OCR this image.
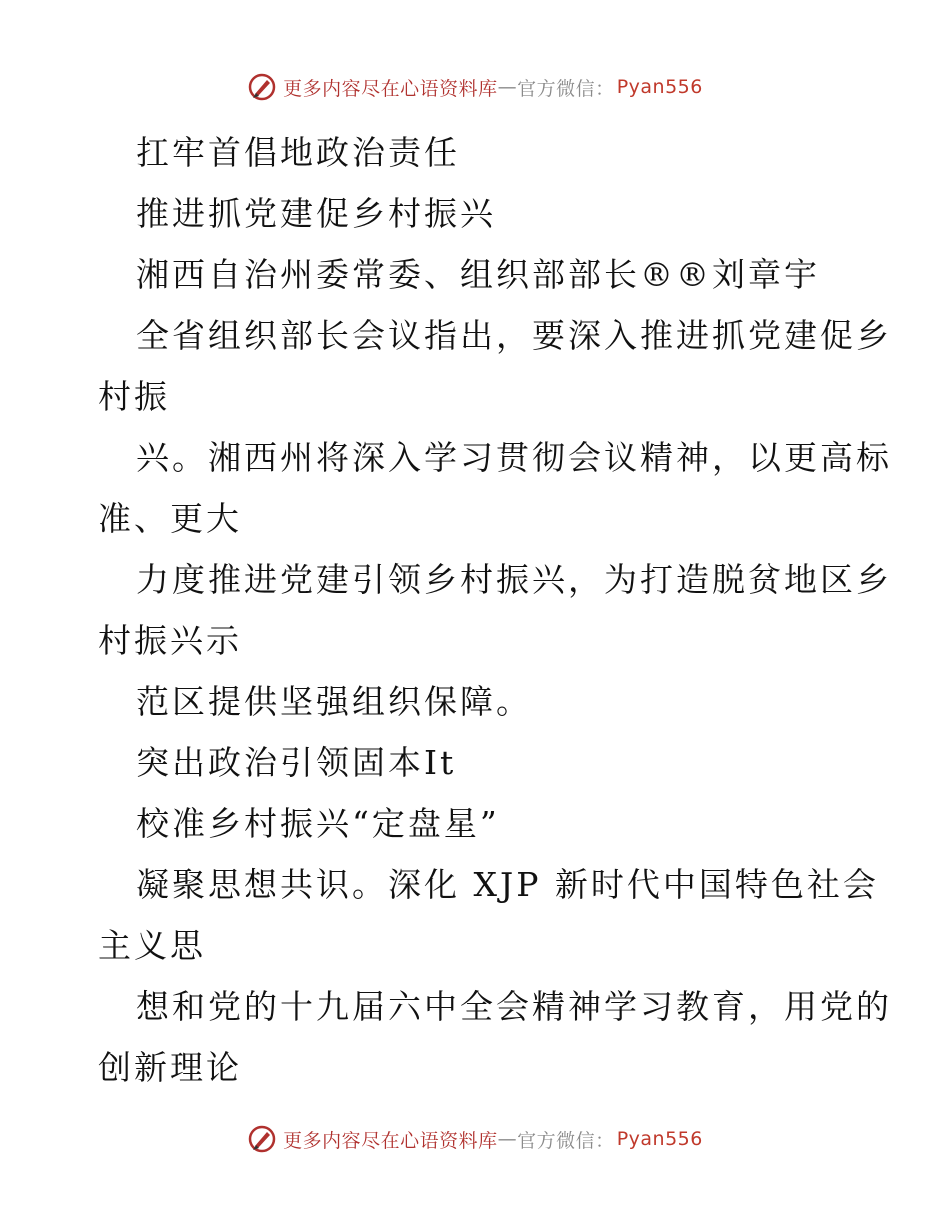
更多内容尽在心语资料库 — 官方微信： Pyan556

扛牢首倡地政治责任

推进抓党建促乡村振兴

湘西自治州委常委、组织部部长®®刘章宇

全省组织部长会议指出，要深入推进抓党建促乡

村振

兴。湘西州将深入学习贯彻会议精神，以更高标

准、更大

力度推进党建引领乡村振兴，为打造脱贫地区乡

村振兴示

范区提供坚强组织保障。

突出政治引领固本It

校准乡村振兴“定盘星”

凝聚思想共识。深化 XJP 新时代中国特色社会

主义思

想和党的十九届六中全会精神学习教育，用党的

创新理论

更多内容尽在心语资料库 — 官方微信： Pyan556
